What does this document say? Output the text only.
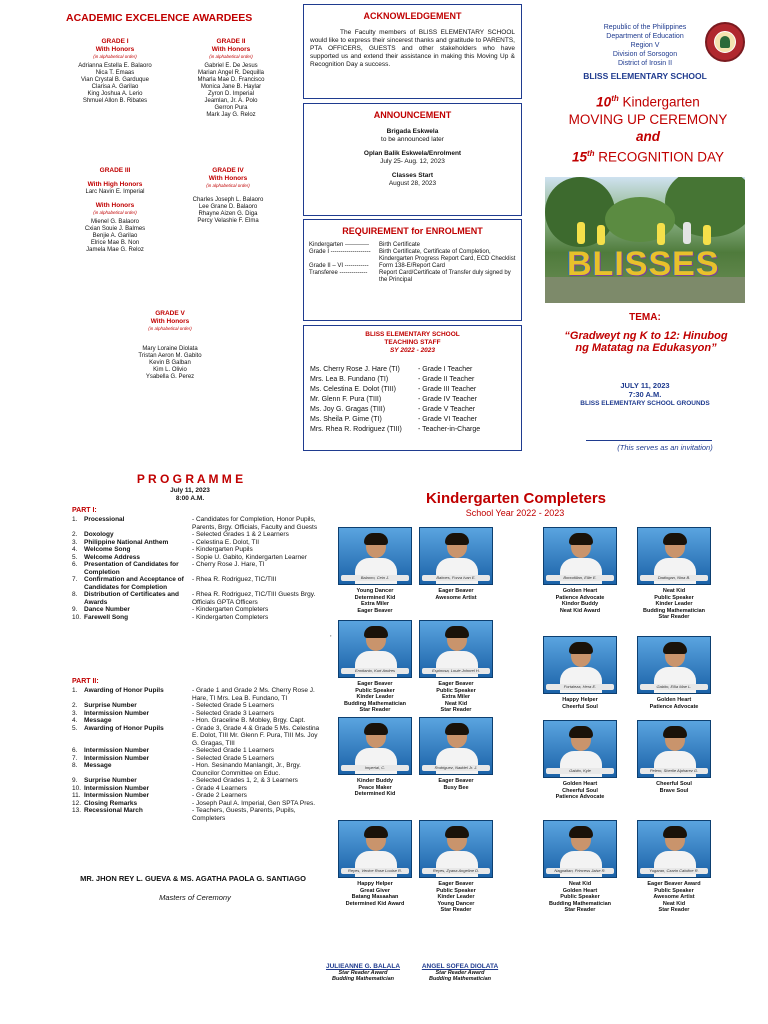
ACADEMIC EXCELENCE AWARDEES
GRADE I
With Honors
(in alphabetical order)
Adrianna Estella E. Balaoro
Nica T. Emaas
Vian Crystal B. Garduque
Clarisa A. Garilao
King Joshua A. Lerio
Shmuel Allon B. Ribates
GRADE II
With Honors
(in alphabetical order)
Gabriel E. De Jesus
Marian Angel R. Dequilla
Mharla Mae D. Francisco
Monica Jane B. Haylar
Zyron D. Imperial
Jeamlan, Jr. A. Polo
Gerron Pura
Mark Jay G. Reloz
GRADE III
With High Honors
Larc Navin E. Imperial
With Honors
(in alphabetical order)
Mienel G. Balaoro
Cxian Souie J. Balmes
Benjie A. Garilao
Elrice Mae B. Non
Jamela Mae G. Reloz
GRADE IV
With Honors
(in alphabetical order)
Charles Joseph L. Balaoro
Lee Grane D. Balaoro
Rhayne Aizen G. Diga
Percy Velashie F. Elma
GRADE V
With Honors
(in alphabetical order)
Mary Loraine Diolata
Tristan Aeron M. Gabito
Kevin B Galban
Kim L. Olivio
Ysabella G. Perez
ACKNOWLEDGEMENT
The Faculty members of BLISS ELEMENTARY SCHOOL would like to express their sincerest thanks and gratitude to PARENTS, PTA OFFICERS, GUESTS and other stakeholders who have supported us and extend their assistance in making this Moving Up & Recognition Day a success.
ANNOUNCEMENT
Brigada Eskwela
to be announced later
Oplan Balik Eskwela/Enrolment
July 25- Aug. 12, 2023
Classes Start
August 28, 2023
REQUIREMENT for ENROLMENT
Kindergarten ------------	Birth Certificate
Grade I --------------------	Birth Certificate, Certificate of Completion, Kindergarten Progress Report Card, ECD Checklist
Grade II – VI ------------	Form 138-E/Report Card
Transferee --------------	Report Card/Certificate of Transfer duly signed by the Principal
BLISS ELEMENTARY SCHOOL
TEACHING STAFF
SY 2022 - 2023
Ms. Cherry Rose J. Hare (TI)	- Grade I Teacher
Mrs. Lea B. Fundano (TI)	- Grade II Teacher
Ms. Celestina E. Dolot (TIII)	- Grade III Teacher
Mr. Glenn F. Pura (TIII)	- Grade IV Teacher
Ms. Joy G. Gragas (TIII)	- Grade V Teacher
Ms. Sheila P. Gime (TI)	- Grade VI Teacher
Mrs. Rhea R. Rodriguez (TIII)	- Teacher-in-Charge
Republic of the Philippines
Department of Education
Region V
Division of Sorsogon
District of Irosin II
BLISS ELEMENTARY SCHOOL
10th Kindergarten
MOVING UP CEREMONY
and
15th RECOGNITION DAY
BLISSES
TEMA:
“Gradweyt ng K to 12: Hinubog ng Matatag na Edukasyon”
JULY 11, 2023
7:30 A.M.
BLISS ELEMENTARY SCHOOL GROUNDS
(This serves as an invitation)
P R O G R A M M E
July 11, 2023
8:00 A.M.
PART I:
1.	Processional	- Candidates for Completion, Honor Pupils, Parents, Brgy. Officials, Faculty and Guests
2.	Doxology	- Selected Grades 1 & 2 Learners
3.	Philippine National Anthem	- Celestina E. Dolot, TII
4.	Welcome Song	- Kindergarten Pupils
5.	Welcome Address	- Sopie U. Gabito, Kindergarten Learner
6.	Presentation of Candidates for Completion	- Cherry Rose J. Hare, TI
7.	Confirmation and Acceptance of Candidates for Completion	- Rhea R. Rodriguez, TIC/TIII
8.	Distribution of Certificates and Awards	- Rhea R. Rodriguez, TIC/TIII Guests Brgy. Officials GPTA Officers
9.	Dance Number	- Kindergarten Completers
10.	Farewell Song	- Kindergarten Completers
PART II:
1.	Awarding of Honor Pupils	- Grade 1 and Grade 2 Ms. Cherry Rose J. Hare, TI Mrs. Lea B. Fundano, TI
2.	Surprise Number	- Selected Grade 5 Learners
3.	Intermission Number	- Selected Grade 3 Learners
4.	Message	- Hon. Graceline B. Mobley, Brgy. Capt.
5.	Awarding of Honor Pupils	- Grade 3, Grade 4 & Grade 5 Ms. Celestina E. Dolot, TIII Mr. Glenn F. Pura, TIII Ms. Joy G. Gragas, TIII
6.	Intermission Number	- Selected Grade 1 Learners
7.	Intermission Number	- Selected Grade 5 Learners
8.	Message	- Hon. Sesinando Manlangit, Jr., Brgy. Councilor Committee on Educ.
9.	Surprise Number	- Selected Grades 1, 2, & 3 Learners
10.	Intermission Number	- Grade 4 Learners
11.	Intermission Number	- Grade 2 Learners
12.	Closing Remarks	- Joseph Paul A. Imperial, Gen SPTA Pres.
13.	Recessional March	- Teachers, Guests, Parents, Pupils, Completers
MR. JHON REY L. GUEVA & MS. AGATHA PAOLA G. SANTIAGO
Masters of Ceremony
Kindergarten Completers
School Year 2022 - 2023
,
Balaoro, Cein J.
Young Dancer
Determined Kid
Extra Miler
Eager Beaver
Balmes, Forza Ivan E.
Eager Beaver
Awesome Artist
Bonodillan, Ellie E.
Golden Heart
Patience Advocate
Kindor Buddy
Neat Kid Award
Dadiogan, Nina B.
Neat Kid
Public Speaker
Kinder Leader
Budding Mathematician
Star Reader
Ermitanio, Kurt Andres
Eager Beaver
Public Speaker
Kinder Leader
Budding Mathematician
Star Reader
Espinosa, Louie Johnrel H.
Eager Beaver
Public Speaker
Extra Miler
Neat Kid
Star Reader
Fortaleza, Hera E.
Happy Helper
Cheerful Soul
Gabito, Ellia Mae L.
Golden Heart
Patience Advocate
Imperial, C.
Kinder Buddy
Peace Maker
Determined Kid
Rodriguez, Naddel Jr. J.
Eager Beaver
Busy Bee
Gabito, Kyle
Golden Heart
Cheerful Soul
Patience Advocate
Pelero, Sherlie Alpharez G.
Cheerful Soul
Brave Soul
Reyes, Venice Rose Louise R.
Happy Helper
Great Giver
Batang Masaahan
Determined Kid Award
Reyes, Zyana Angeline D.
Eager Beaver
Public Speaker
Kinder Leader
Young Dancer
Star Reader
Nagpaltan, Princess Jaise R.
Neat Kid
Golden Heart
Public Speaker
Budding Mathematician
Star Reader
Yugaran, Czarin Caloline R.
Eager Beaver Award
Public Speaker
Awesome Artist
Neat Kid
Star Reader
JULIEANNE G. BALALA
Star Reader Award
Budding Mathematician
ANGEL SOFEA DIOLATA
Star Reader Award
Budding Mathematician
